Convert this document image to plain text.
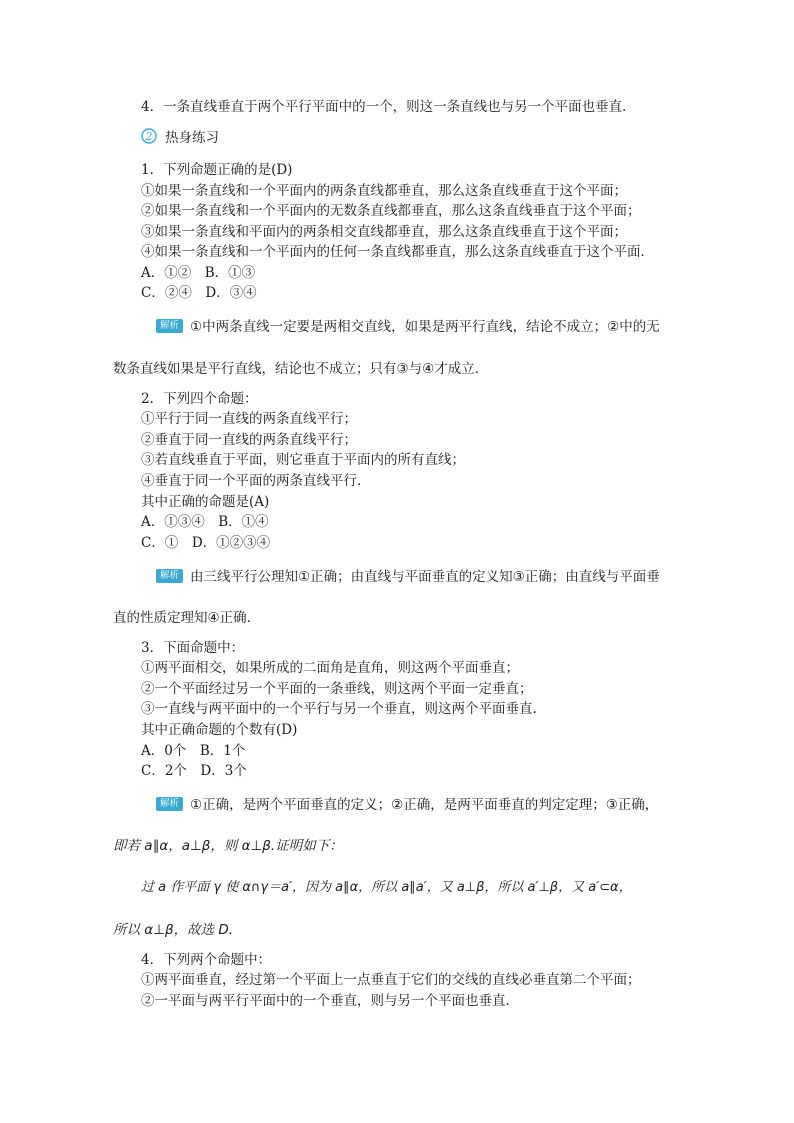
4．一条直线垂直于两个平行平面中的一个，则这一条直线也与另一个平面也垂直．
2 热身练习
1．下列命题正确的是(D)
①如果一条直线和一个平面内的两条直线都垂直，那么这条直线垂直于这个平面；
②如果一条直线和一个平面内的无数条直线都垂直，那么这条直线垂直于这个平面；
③如果一条直线和平面内的两条相交直线都垂直，那么这条直线垂直于这个平面；
④如果一条直线和一个平面内的任何一条直线都垂直，那么这条直线垂直于这个平面．
A．①②　B．①③
C．②④　D．③④
解析 ①中两条直线一定要是两相交直线，如果是两平行直线，结论不成立；②中的无
数条直线如果是平行直线，结论也不成立；只有③与④才成立．
2．下列四个命题：
①平行于同一直线的两条直线平行；
②垂直于同一直线的两条直线平行；
③若直线垂直于平面，则它垂直于平面内的所有直线；
④垂直于同一个平面的两条直线平行．
其中正确的命题是(A)
A．①③④　B．①④
C．①　D．①②③④
解析 由三线平行公理知①正确；由直线与平面垂直的定义知③正确；由直线与平面垂
直的性质定理知④正确．
3．下面命题中：
①两平面相交，如果所成的二面角是直角，则这两个平面垂直；
②一个平面经过另一个平面的一条垂线，则这两个平面一定垂直；
③一直线与两平面中的一个平行与另一个垂直，则这两个平面垂直.
其中正确命题的个数有(D)
A．0个　B．1个
C．2个　D．3个
解析 ①正确，是两个平面垂直的定义；②正确，是两平面垂直的判定定理；③正确，
即若 a∥α，a⊥β，则 α⊥β.证明如下：
过 a 作平面 γ 使 α∩γ＝a′，因为 a∥α，所以 a∥a′，又 a⊥β，所以 a′⊥β，又 a′⊂α，
所以 α⊥β，故选 D.
4．下列两个命题中：
①两平面垂直，经过第一个平面上一点垂直于它们的交线的直线必垂直第二个平面；
②一平面与两平行平面中的一个垂直，则与另一个平面也垂直.
